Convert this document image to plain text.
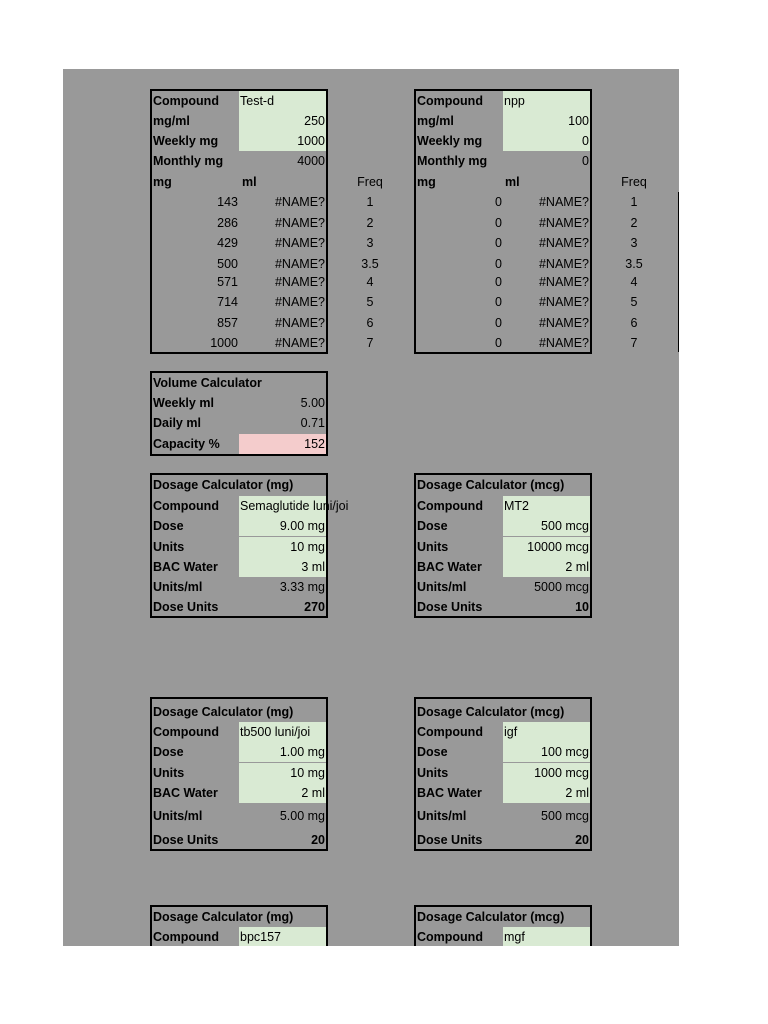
Compound	Test-d
mg/ml	250
Weekly mg	1000
Monthly mg	4000
mg	ml	Freq
143	#NAME?	1
286	#NAME?	2
429	#NAME?	3
500	#NAME?	3.5
571	#NAME?	4
714	#NAME?	5
857	#NAME?	6
1000	#NAME?	7
Compound	npp
mg/ml	100
Weekly mg	0
Monthly mg	0
mg	ml	Freq
0	#NAME?	1
0	#NAME?	2
0	#NAME?	3
0	#NAME?	3.5
0	#NAME?	4
0	#NAME?	5
0	#NAME?	6
0	#NAME?	7
Volume Calculator
Weekly ml	5.00
Daily ml	0.71
Capacity %	152
Dosage Calculator (mg)
Compound	Semaglutide luni/joi
Dose	9.00 mg
Units	10 mg
BAC Water	3 ml
Units/ml	3.33 mg
Dose Units	270
Dosage Calculator (mcg)
Compound	MT2
Dose	500 mcg
Units	10000 mcg
BAC Water	2 ml
Units/ml	5000 mcg
Dose Units	10
Dosage Calculator (mg)
Compound	tb500 luni/joi
Dose	1.00 mg
Units	10 mg
BAC Water	2 ml
Units/ml	5.00 mg
Dose Units	20
Dosage Calculator (mcg)
Compound	igf
Dose	100 mcg
Units	1000 mcg
BAC Water	2 ml
Units/ml	500 mcg
Dose Units	20
Dosage Calculator (mg)
Compound	bpc157
Dosage Calculator (mcg)
Compound	mgf
